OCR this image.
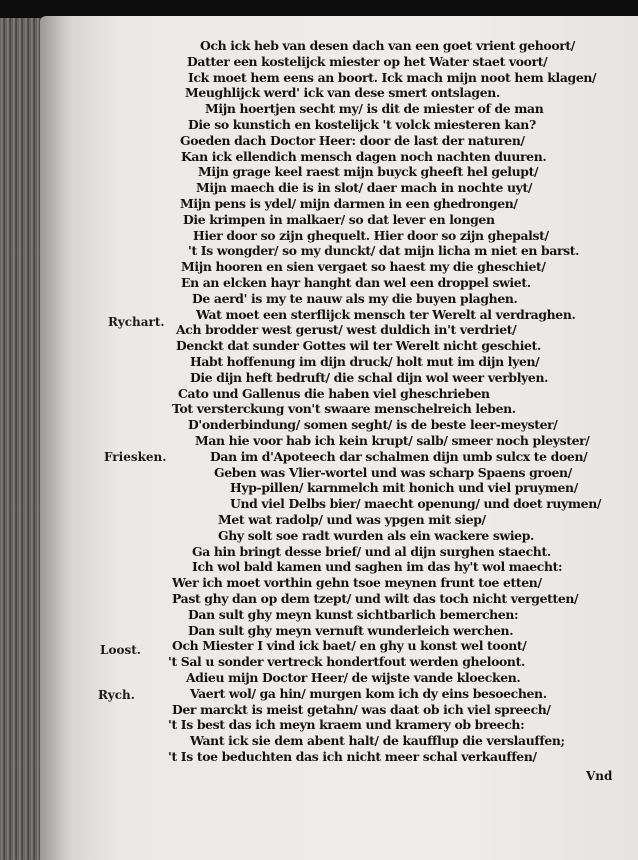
Och ick heb van desen dach van een goet vrient gehoort/
Datter een kostelijck miester op het Water staet voort/
Ick moet hem eens an boort. Ick mach mijn noot hem klagen/
Meughlijck werd' ick van dese smert ontslagen.
Mijn hoertjen secht my/ is dit de miester of de man
Die so kunstich en kostelijck 't volck miesteren kan?
Goeden dach Doctor Heer: door de last der naturen/
Kan ick ellendich mensch dagen noch nachten duuren.
Mijn grage keel raest mijn buyck gheeft hel gelupt/
Mijn maech die is in slot/ daer mach in nochte uyt/
Mijn pens is ydel/ mijn darmen in een ghedrongen/
Die krimpen in malkaer/ so dat lever en longen
Hier door so zijn ghequelt. Hier door so zijn ghepalst/
't Is wongder/ so my dunckt/ dat mijn licha m niet en barst.
Mijn hooren en sien vergaet so haest my die gheschiet/
En an elcken hayr hanght dan wel een droppel swiet.
De aerd' is my te nauw als my die buyen plaghen.
Wat moet een sterflijck mensch ter Werelt al verdraghen.
Ach brodder west gerust/ west duldich in't verdriet/
Denckt dat sunder Gottes wil ter Werelt nicht geschiet.
Habt hoffenung im dijn druck/ holt mut im dijn lyen/
Die dijn heft bedruft/ die schal dijn wol weer verblyen.
Cato und Gallenus die haben viel gheschrieben
Tot versterckung von't swaare menschelreich leben.
D'onderbindung/ somen seght/ is de beste leer-meyster/
Man hie voor hab ich kein krupt/ salb/ smeer noch pleyster/
Dan im d'Apoteech dar schalmen dijn umb sulcx te doen/
Geben was Vlier-wortel und was scharp Spaens groen/
Hyp-pillen/ karnmelch mit honich und viel pruymen/
Und viel Delbs bier/ maecht openung/ und doet ruymen/
Met wat radolp/ und was ypgen mit siep/
Ghy solt soe radt wurden als ein wackere swiep.
Ga hin bringt desse brief/ und al dijn surghen staecht.
Ich wol bald kamen und saghen im das hy't wol maecht:
Wer ich moet vorthin gehn tsoe meynen frunt toe etten/
Past ghy dan op dem tzept/ und wilt das toch nicht vergetten/
Dan sult ghy meyn kunst sichtbarlich bemerchen:
Dan sult ghy meyn vernuft wunderleich werchen.
Och Miester I vind ick baet/ en ghy u konst wel toont/
't Sal u sonder vertreck hondertfout werden gheloont.
Adieu mijn Doctor Heer/ de wijste vande kloecken.
Vaert wol/ ga hin/ murgen kom ich dy eins besoechen.
Der marckt is meist getahn/ was daat ob ich viel spreech/
't Is best das ich meyn kraem und kramery ob breech:
Want ick sie dem abent halt/ de kaufflup die verslauffen;
't Is toe beduchten das ich nicht meer schal verkauffen/
Rychart.
Friesken.
Loost.
Rych.
Vnd
